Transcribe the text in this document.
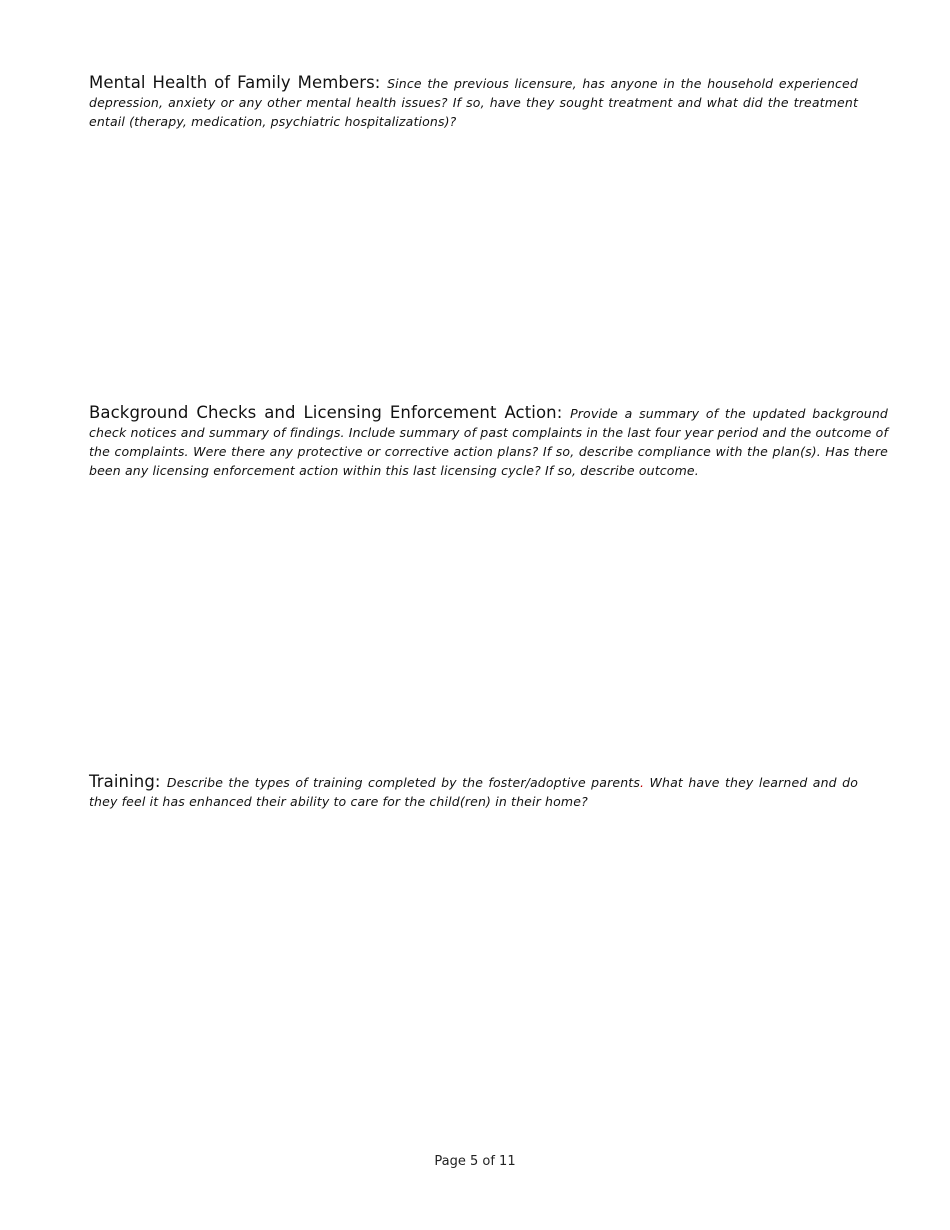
Mental Health of Family Members: Since the previous licensure, has anyone in the household experienced depression, anxiety or any other mental health issues? If so, have they sought treatment and what did the treatment entail (therapy, medication, psychiatric hospitalizations)?
Background Checks and Licensing Enforcement Action: Provide a summary of the updated background check notices and summary of findings. Include summary of past complaints in the last four year period and the outcome of the complaints. Were there any protective or corrective action plans? If so, describe compliance with the plan(s). Has there been any licensing enforcement action within this last licensing cycle? If so, describe outcome.
Training: Describe the types of training completed by the foster/adoptive parents. What have they learned and do they feel it has enhanced their ability to care for the child(ren) in their home?
Page 5 of 11
